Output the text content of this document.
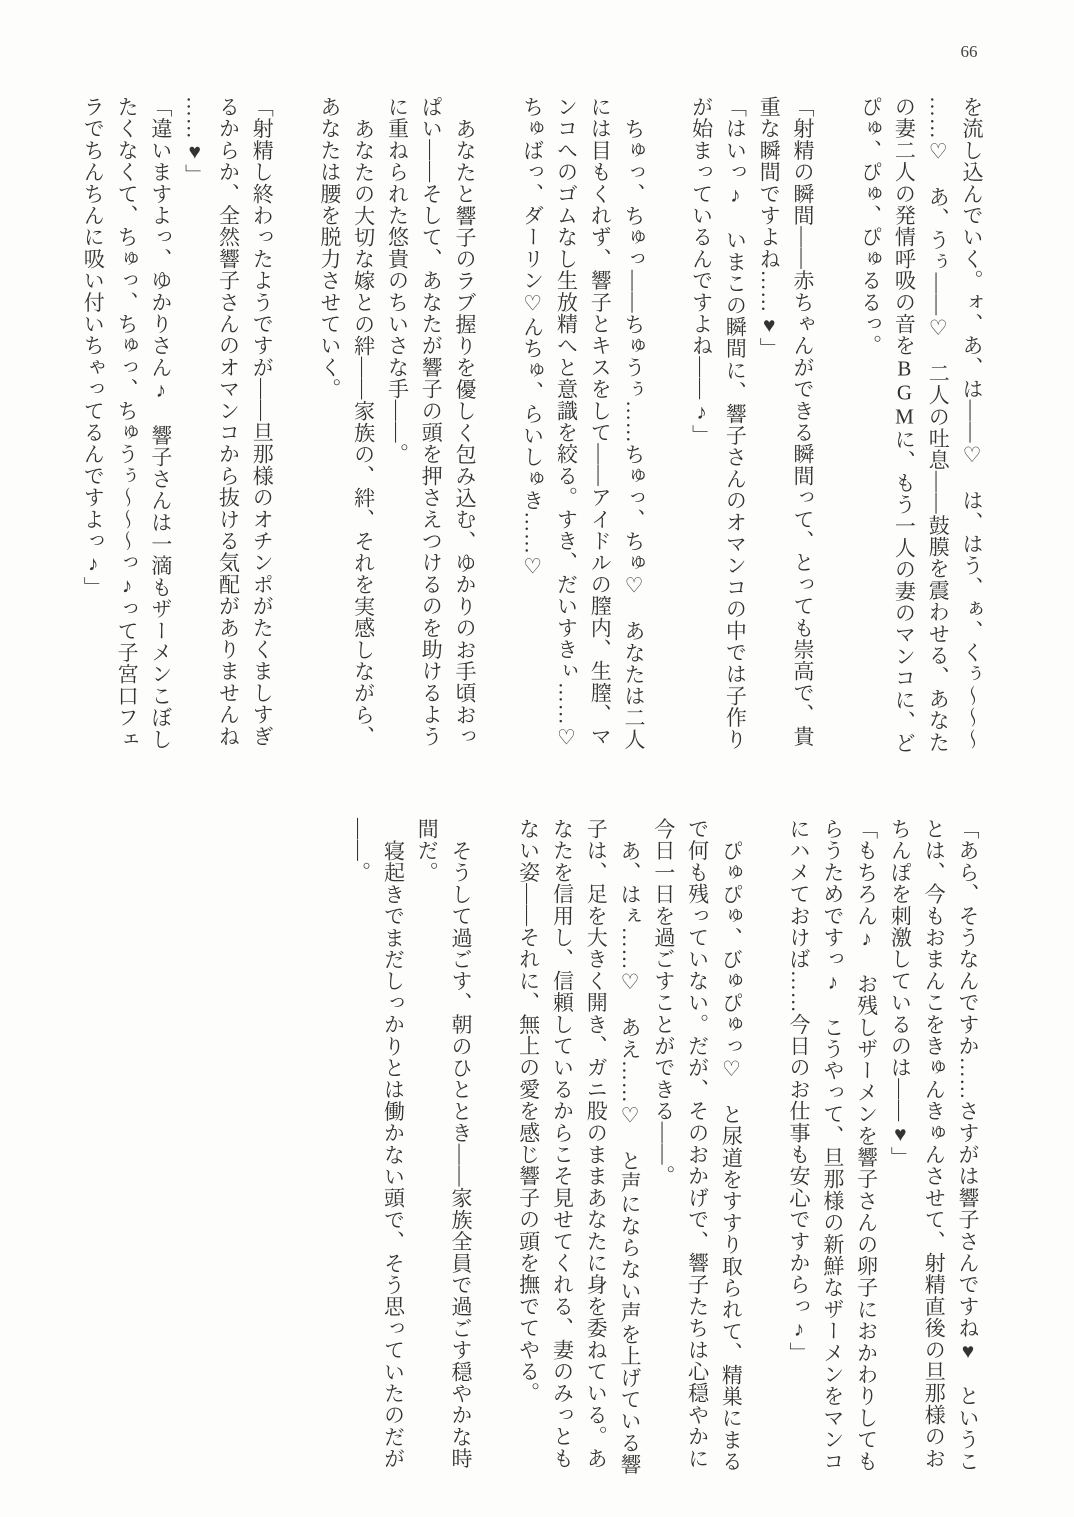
66

を流し込んでいく。ォ、あ、は――♡　は、はう、ぁ、くぅ～～～

……♡　あ、うぅ――♡　二人の吐息――鼓膜を震わせる、あなた

の妻二人の発情呼吸の音をBGMに、もう一人の妻のマンコに、ど

ぴゅ、ぴゅ、ぴゅるるっ。

「射精の瞬間――赤ちゃんができる瞬間って、とっても崇高で、貴

重な瞬間ですよね……♥」

「はいっ♪　いまこの瞬間に、響子さんのオマンコの中では子作り

が始まっているんですよね――♪」

ちゅっ、ちゅっ――ちゅうぅ……ちゅっ、ちゅ♡　あなたは二人

には目もくれず、響子とキスをして――アイドルの膣内、生膣、マ

ンコへのゴムなし生放精へと意識を絞る。すき、だいすきぃ……♡

ちゅばっ、ダーリン♡んちゅ、らいしゅき……♡

あなたと響子のラブ握りを優しく包み込む、ゆかりのお手頃おっ

ぱい――そして、あなたが響子の頭を押さえつけるのを助けるよう

に重ねられた悠貴のちいさな手――。

あなたの大切な嫁との絆――家族の、絆、それを実感しながら、

あなたは腰を脱力させていく。

「射精し終わったようですが――旦那様のオチンポがたくましすぎ

るからか、全然響子さんのオマンコから抜ける気配がありませんね

……♥」

「違いますよっ、ゆかりさん♪　響子さんは一滴もザーメンこぼし

たくなくて、ちゅっ、ちゅっ、ちゅうぅ～～～っ♪って子宮口フェ

ラでちんちんに吸い付いちゃってるんですよっ♪」

「あら、そうなんですか……さすがは響子さんですね♥　というこ

とは、今もおまんこをきゅんきゅんさせて、射精直後の旦那様のお

ちんぽを刺激しているのは――♥」

「もちろん♪　お残しザーメンを響子さんの卵子におかわりしても

らうためですっ♪　こうやって、旦那様の新鮮なザーメンをマンコ

にハメておけば……今日のお仕事も安心ですからっ♪」

ぴゅぴゅ、びゅぴゅっ♡　と尿道をすすり取られて、精巣にまる

で何も残っていない。だが、そのおかげで、響子たちは心穏やかに

今日一日を過ごすことができる――。

あ、はぇ……♡　あえ……♡　と声にならない声を上げている響

子は、足を大きく開き、ガニ股のままあなたに身を委ねている。あ

なたを信用し、信頼しているからこそ見せてくれる、妻のみっとも

ない姿――それに、無上の愛を感じ響子の頭を撫でてやる。

そうして過ごす、朝のひととき――家族全員で過ごす穏やかな時

間だ。

寝起きでまだしっかりとは働かない頭で、そう思っていたのだが

――。
